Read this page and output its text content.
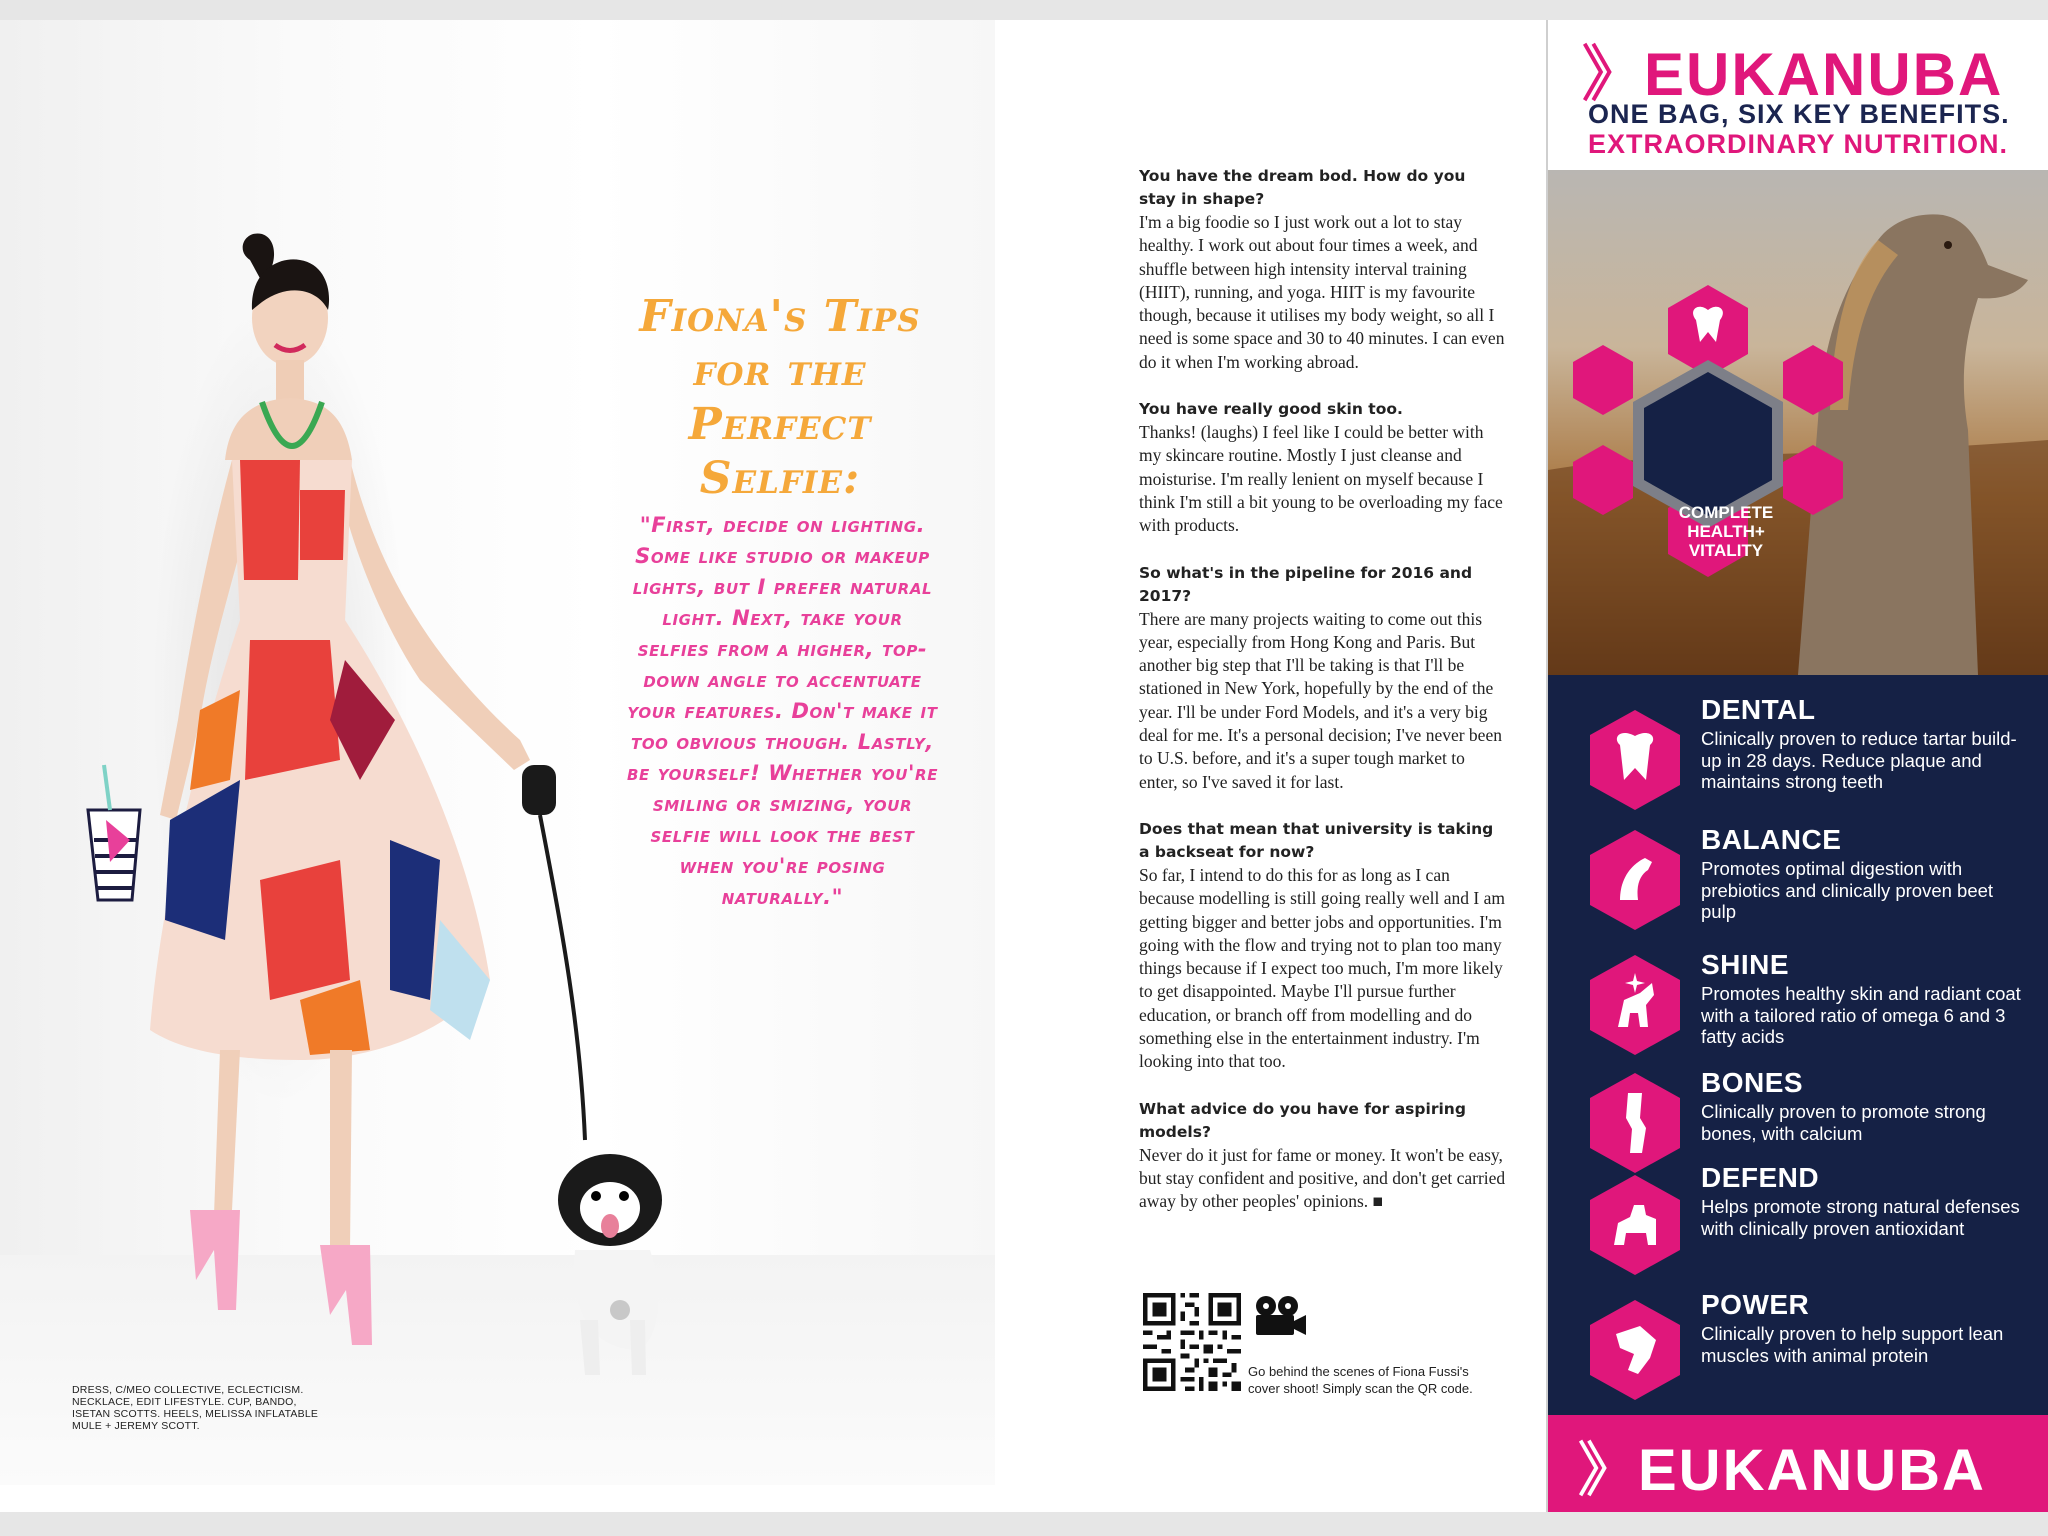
DRESS, C/MEO COLLECTIVE, ECLECTICISM. NECKLACE, EDIT LIFESTYLE. CUP, BANDO, ISETAN SCOTTS. HEELS, MELISSA INFLATABLE MULE + JEREMY SCOTT.
Fiona's Tips for the Perfect Selfie:
"First, decide on lighting. Some like studio or makeup lights, but I prefer natural light. Next, take your selfies from a higher, top-down angle to accentuate your features. Don't make it too obvious though. Lastly, be yourself! Whether you're smiling or smizing, your selfie will look the best when you're posing naturally."

You have the dream bod. How do you stay in shape?

I'm a big foodie so I just work out a lot to stay healthy. I work out about four times a week, and shuffle between high intensity interval training (HIIT), running, and yoga. HIIT is my favourite though, because it utilises my body weight, so all I need is some space and 30 to 40 minutes. I can even do it when I'm working abroad.

You have really good skin too.

Thanks! (laughs) I feel like I could be better with my skincare routine. Mostly I just cleanse and moisturise. I'm really lenient on myself because I think I'm still a bit young to be overloading my face with products.

So what's in the pipeline for 2016 and 2017?

There are many projects waiting to come out this year, especially from Hong Kong and Paris. But another big step that I'll be taking is that I'll be stationed in New York, hopefully by the end of the year. I'll be under Ford Models, and it's a very big deal for me. It's a personal decision; I've never been to U.S. before, and it's a super tough market to enter, so I've saved it for last.

Does that mean that university is taking a backseat for now?

So far, I intend to do this for as long as I can because modelling is still going really well and I am getting bigger and better jobs and opportunities. I'm going with the flow and trying not to plan too many things because if I expect too much, I'm more likely to get disappointed. Maybe I'll pursue further education, or branch off from modelling and do something else in the entertainment industry. I'm looking into that too.

What advice do you have for aspiring models?

Never do it just for fame or money. It won't be easy, but stay confident and positive, and don't get carried away by other peoples' opinions. ■

Go behind the scenes of Fiona Fussi's cover shoot! Simply scan the QR code.
》EUKANUBA
ONE BAG, SIX KEY BENEFITS.
EXTRAORDINARY NUTRITION.
COMPLETE HEALTH+ VITALITY
DENTAL
Clinically proven to reduce tartar build-up in 28 days. Reduce plaque and maintains strong teeth
BALANCE
Promotes optimal digestion with prebiotics and clinically proven beet pulp
SHINE
Promotes healthy skin and radiant coat with a tailored ratio of omega 6 and 3 fatty acids
BONES
Clinically proven to promote strong bones, with calcium
DEFEND
Helps promote strong natural defenses with clinically proven antioxidant
POWER
Clinically proven to help support lean muscles with animal protein
》EUKANUBA
